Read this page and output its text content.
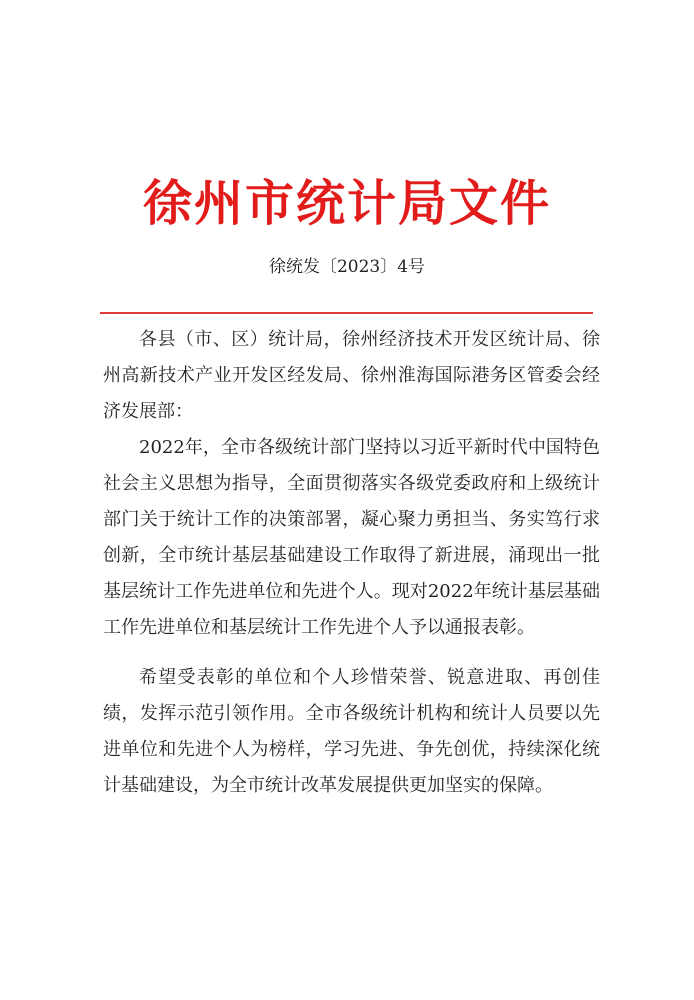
徐州市统计局文件
徐统发〔2023〕4号

各县（市、区）统计局，徐州经济技术开发区统计局、徐州高新技术产业开发区经发局、徐州淮海国际港务区管委会经济发展部：

2022年，全市各级统计部门坚持以习近平新时代中国特色社会主义思想为指导，全面贯彻落实各级党委政府和上级统计部门关于统计工作的决策部署，凝心聚力勇担当、务实笃行求创新，全市统计基层基础建设工作取得了新进展，涌现出一批基层统计工作先进单位和先进个人。现对2022年统计基层基础工作先进单位和基层统计工作先进个人予以通报表彰。

希望受表彰的单位和个人珍惜荣誉、锐意进取、再创佳绩，发挥示范引领作用。全市各级统计机构和统计人员要以先进单位和先进个人为榜样，学习先进、争先创优，持续深化统计基础建设，为全市统计改革发展提供更加坚实的保障。
